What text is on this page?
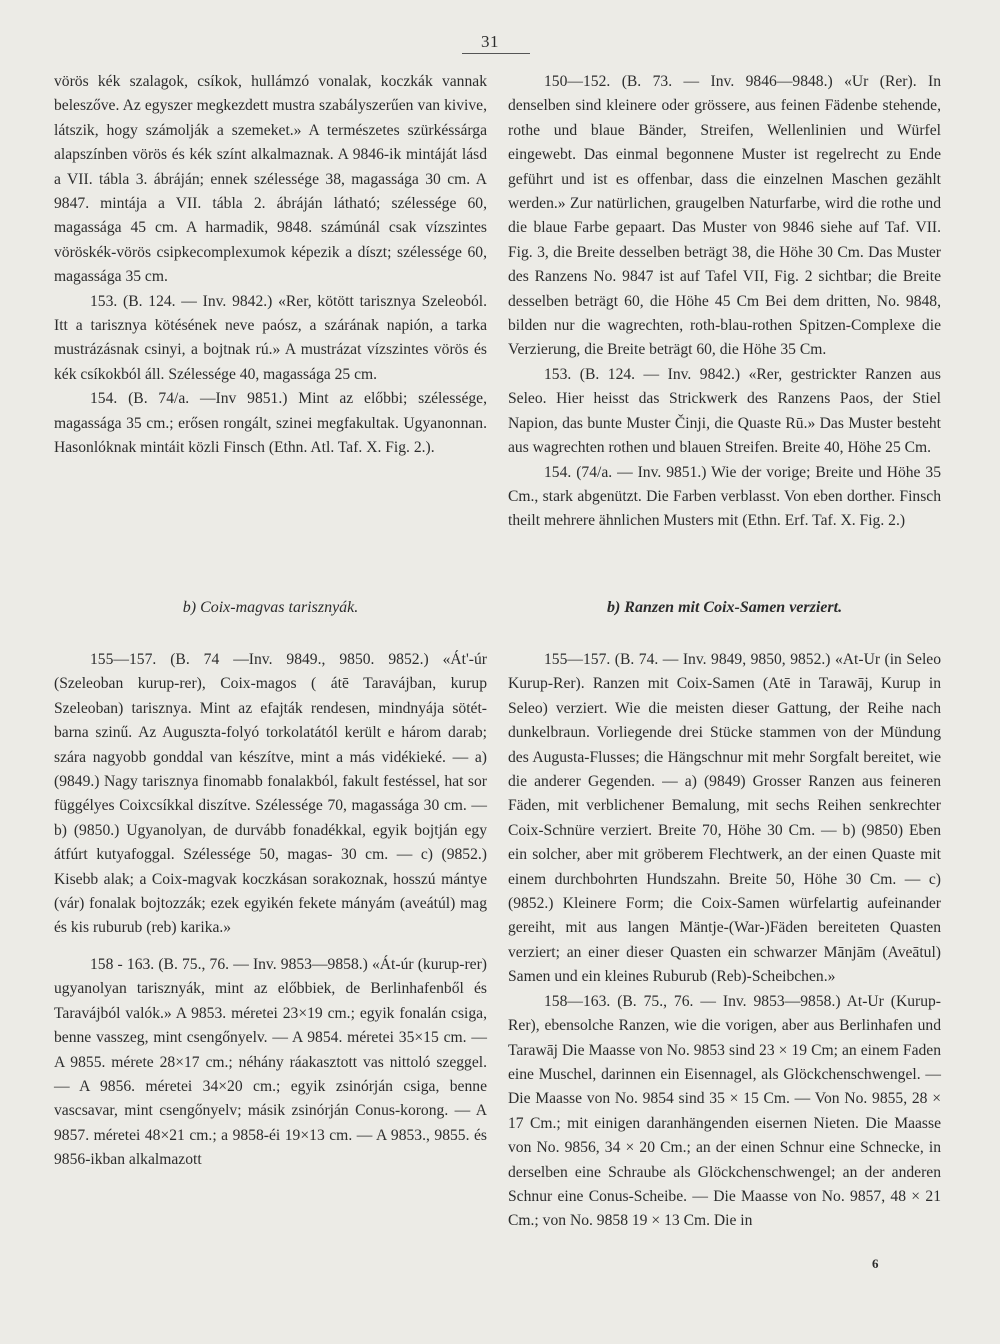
31

vörös kék szalagok, csíkok, hullámzó vonalak, koczkák vannak beleszőve. Az egyszer megkezdett mustra szabályszerűen van kivive, látszik, hogy számolják a szemeket.» A természetes szürkéssárga alapszínben vörös és kék színt alkalmaznak. A 9846-ik mintáját lásd a VII. tábla 3. ábráján; ennek szélessége 38, magassága 30 cm. A 9847. mintája a VII. tábla 2. ábráján látható; szélessége 60, magassága 45 cm. A harmadik, 9848. számúnál csak vízszintes vöröskék-vörös csipkecomplexumok képezik a díszt; szélessége 60, magassága 35 cm.

153. (B. 124. — Inv. 9842.) «Rer, kötött tarisznya Szeleoból. Itt a tarisznya kötésének neve paósz, a szárának napión, a tarka mustrázásnak csinyi, a bojtnak rú.» A mustrázat vízszintes vörös és kék csíkokból áll. Szélessége 40, magassága 25 cm.

154. (B. 74/a. —Inv 9851.) Mint az előbbi; szélessége, magassága 35 cm.; erősen rongált, szinei megfakultak. Ugyanonnan. Hasonlóknak mintáit közli Finsch (Ethn. Atl. Taf. X. Fig. 2.).

b) Coix-magvas tarisznyák.

155—157. (B. 74 —Inv. 9849., 9850. 9852.) «Át'-úr (Szeleoban kurup-rer), Coix-magos ( átē Taravájban, kurup Szeleoban) tarisznya. Mint az efajták rendesen, mindnyája sötét-barna szinű. Az Auguszta-folyó torkolatától került e három darab; szára nagyobb gonddal van készítve, mint a más vidékieké. — a) (9849.) Nagy tarisznya finomabb fonalakból, fakult festéssel, hat sor függélyes Coixcsíkkal diszítve. Szélessége 70, magassága 30 cm. — b) (9850.) Ugyanolyan, de durvább fonadékkal, egyik bojtján egy átfúrt kutyafoggal. Szélessége 50, magas- 30 cm. — c) (9852.) Kisebb alak; a Coix-magvak koczkásan sorakoznak, hosszú mántye (vár) fonalak bojtozzák; ezek egyikén fekete mányám (aveátúl) mag és kis ruburub (reb) karika.»

158 - 163. (B. 75., 76. — Inv. 9853—9858.) «Át-úr (kurup-rer) ugyanolyan tarisznyák, mint az előbbiek, de Berlinhafenből és Taravájból valók.» A 9853. méretei 23×19 cm.; egyik fonalán csiga, benne vasszeg, mint csengőnyelv. — A 9854. méretei 35×15 cm. — A 9855. mérete 28×17 cm.; néhány ráakasztott vas nittoló szeggel. — A 9856. méretei 34×20 cm.; egyik zsinórján csiga, benne vascsavar, mint csengőnyelv; másik zsinórján Conus-korong. — A 9857. méretei 48×21 cm.; a 9858-éi 19×13 cm. — A 9853., 9855. és 9856-ikban alkalmazott

150—152. (B. 73. — Inv. 9846—9848.) «Ur (Rer). In denselben sind kleinere oder grössere, aus feinen Fädenbe stehende, rothe und blaue Bänder, Streifen, Wellenlinien und Würfel eingewebt. Das einmal begonnene Muster ist regelrecht zu Ende geführt und ist es offenbar, dass die einzelnen Maschen gezählt werden.» Zur natürlichen, graugelben Naturfarbe, wird die rothe und die blaue Farbe gepaart. Das Muster von 9846 siehe auf Taf. VII. Fig. 3, die Breite desselben beträgt 38, die Höhe 30 Cm. Das Muster des Ranzens No. 9847 ist auf Tafel VII, Fig. 2 sichtbar; die Breite desselben beträgt 60, die Höhe 45 Cm Bei dem dritten, No. 9848, bilden nur die wagrechten, roth-blau-rothen Spitzen-Complexe die Verzierung, die Breite beträgt 60, die Höhe 35 Cm.

153. (B. 124. — Inv. 9842.) «Rer, gestrickter Ranzen aus Seleo. Hier heisst das Strickwerk des Ranzens Paos, der Stiel Napion, das bunte Muster Činji, die Quaste Rū.» Das Muster besteht aus wagrechten rothen und blauen Streifen. Breite 40, Höhe 25 Cm.

154. (74/a. — Inv. 9851.) Wie der vorige; Breite und Höhe 35 Cm., stark abgenützt. Die Farben verblasst. Von eben dorther. Finsch theilt mehrere ähnlichen Musters mit (Ethn. Erf. Taf. X. Fig. 2.)

b) Ranzen mit Coix-Samen verziert.

155—157. (B. 74. — Inv. 9849, 9850, 9852.) «At-Ur (in Seleo Kurup-Rer). Ranzen mit Coix-Samen (Atē in Tarawāj, Kurup in Seleo) verziert. Wie die meisten dieser Gattung, der Reihe nach dunkelbraun. Vorliegende drei Stücke stammen von der Mündung des Augusta-Flusses; die Hängschnur mit mehr Sorgfalt bereitet, wie die anderer Gegenden. — a) (9849) Grosser Ranzen aus feineren Fäden, mit verblichener Bemalung, mit sechs Reihen senkrechter Coix-Schnüre verziert. Breite 70, Höhe 30 Cm. — b) (9850) Eben ein solcher, aber mit gröberem Flechtwerk, an der einen Quaste mit einem durchbohrten Hundszahn. Breite 50, Höhe 30 Cm. — c) (9852.) Kleinere Form; die Coix-Samen würfelartig aufeinander gereiht, mit aus langen Mäntje-(War-)Fäden bereiteten Quasten verziert; an einer dieser Quasten ein schwarzer Mānjām (Aveātul) Samen und ein kleines Ruburub (Reb)-Scheibchen.»

158—163. (B. 75., 76. — Inv. 9853—9858.) At-Ur (Kurup-Rer), ebensolche Ranzen, wie die vorigen, aber aus Berlinhafen und Tarawāj Die Maasse von No. 9853 sind 23 × 19 Cm; an einem Faden eine Muschel, darinnen ein Eisennagel, als Glöckchenschwengel. — Die Maasse von No. 9854 sind 35 × 15 Cm. — Von No. 9855, 28 × 17 Cm.; mit einigen daranhängenden eisernen Nieten. Die Maasse von No. 9856, 34 × 20 Cm.; an der einen Schnur eine Schnecke, in derselben eine Schraube als Glöckchenschwengel; an der anderen Schnur eine Conus-Scheibe. — Die Maasse von No. 9857, 48 × 21 Cm.; von No. 9858 19 × 13 Cm. Die in

6
